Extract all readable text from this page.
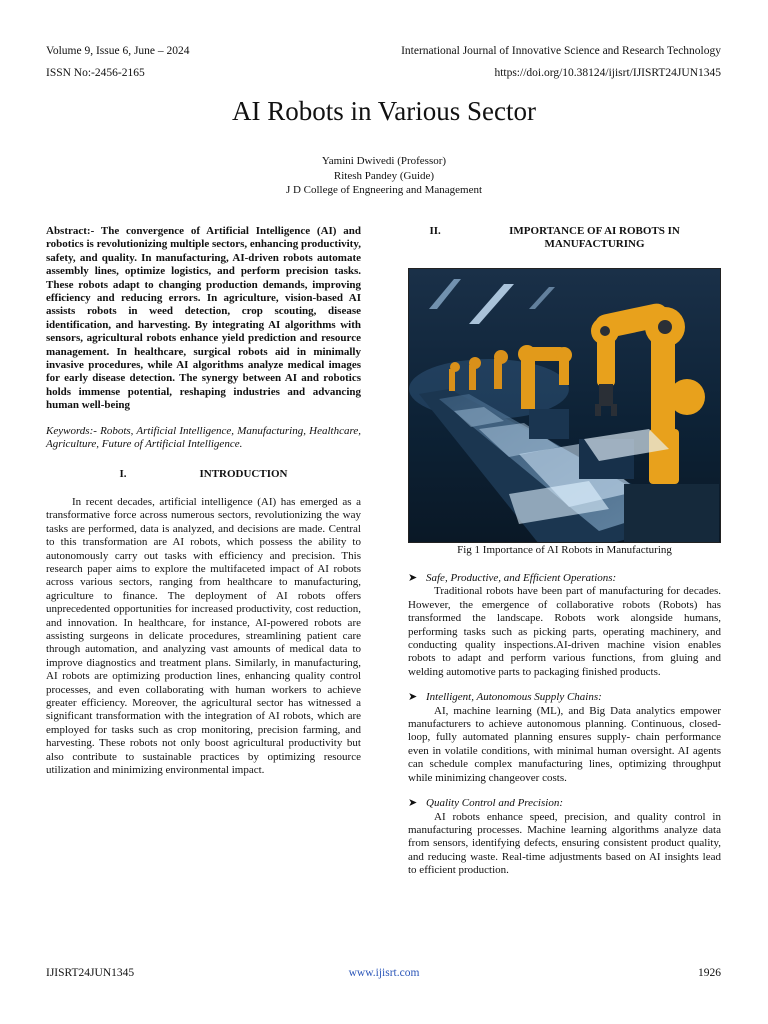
Volume 9, Issue 6, June – 2024	International Journal of Innovative Science and Research Technology
ISSN No:-2456-2165	https://doi.org/10.38124/ijisrt/IJISRT24JUN1345
AI Robots in Various Sector
Yamini Dwivedi (Professor)
Ritesh Pandey (Guide)
J D College of Engneering and Management

Abstract:- The convergence of Artificial Intelligence (AI) and robotics is revolutionizing multiple sectors, enhancing productivity, safety, and quality. In manufacturing, AI-driven robots automate assembly lines, optimize logistics, and perform precision tasks. These robots adapt to changing production demands, improving efficiency and reducing errors. In agriculture, vision-based AI assists robots in weed detection, crop scouting, disease identification, and harvesting. By integrating AI algorithms with sensors, agricultural robots enhance yield prediction and resource management. In healthcare, surgical robots aid in minimally invasive procedures, while AI algorithms analyze medical images for early disease detection. The synergy between AI and robotics holds immense potential, reshaping industries and advancing human well-being

Keywords:- Robots, Artificial Intelligence, Manufacturing, Healthcare, Agriculture, Future of Artificial Intelligence.

I.	INTRODUCTION

In recent decades, artificial intelligence (AI) has emerged as a transformative force across numerous sectors, revolutionizing the way tasks are performed, data is analyzed, and decisions are made. Central to this transformation are AI robots, which possess the ability to autonomously carry out tasks with efficiency and precision. This research paper aims to explore the multifaceted impact of AI robots across various sectors, ranging from healthcare to manufacturing, agriculture to finance. The deployment of AI robots offers unprecedented opportunities for increased productivity, cost reduction, and innovation. In healthcare, for instance, AI-powered robots are assisting surgeons in delicate procedures, streamlining patient care through automation, and analyzing vast amounts of medical data to improve diagnostics and treatment plans. Similarly, in manufacturing, AI robots are optimizing production lines, enhancing quality control processes, and even collaborating with human workers to achieve greater efficiency. Moreover, the agricultural sector has witnessed a significant transformation with the integration of AI robots, which are employed for tasks such as crop monitoring, precision farming, and harvesting. These robots not only boost agricultural productivity but also contribute to sustainable practices by optimizing resource utilization and minimizing environmental impact.

II.	IMPORTANCE OF AI ROBOTS IN MANUFACTURING
Fig 1 Importance of AI Robots in Manufacturing

➤ Safe, Productive, and Efficient Operations:

Traditional robots have been part of manufacturing for decades. However, the emergence of collaborative robots (Robots) has transformed the landscape. Robots work alongside humans, performing tasks such as picking parts, operating machinery, and conducting quality inspections.AI-driven machine vision enables robots to adapt and perform various functions, from gluing and welding automotive parts to packaging finished products.

➤ Intelligent, Autonomous Supply Chains:

AI, machine learning (ML), and Big Data analytics empower manufacturers to achieve autonomous planning. Continuous, closed-loop, fully automated planning ensures supply- chain performance even in volatile conditions, with minimal human oversight. AI agents can schedule complex manufacturing lines, optimizing throughput while minimizing changeover costs.

➤ Quality Control and Precision:

AI robots enhance speed, precision, and quality control in manufacturing processes. Machine learning algorithms analyze data from sensors, identifying defects, ensuring consistent product quality, and reducing waste. Real-time adjustments based on AI insights lead to efficient production.

IJISRT24JUN1345	www.ijisrt.com	1926
